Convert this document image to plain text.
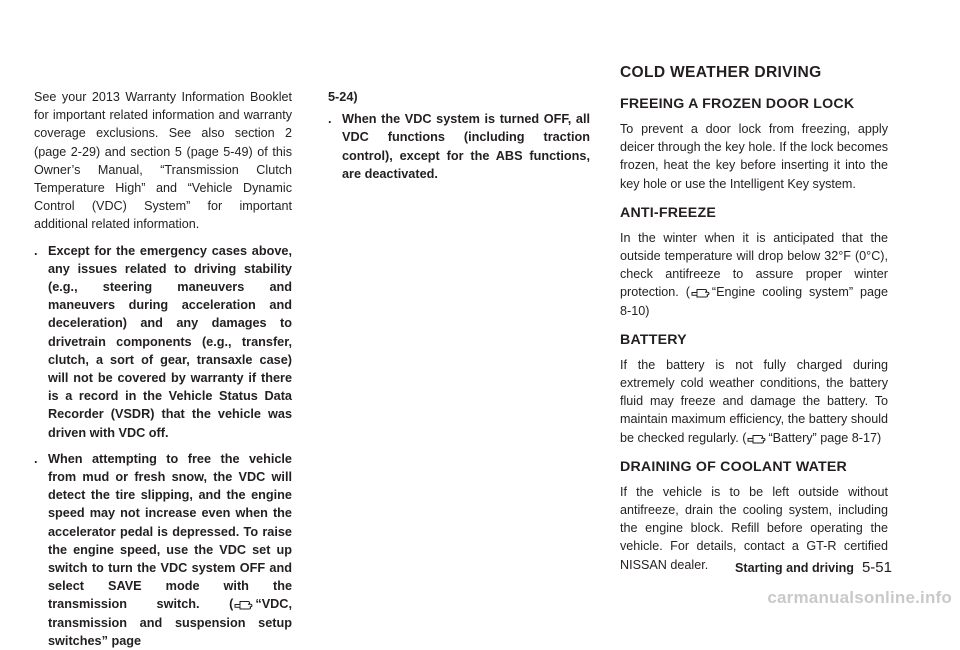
See your 2013 Warranty Information Booklet for important related information and warranty coverage exclusions. See also section 2 (page 2-29) and section 5 (page 5-49) of this Owner’s Manual, “Transmission Clutch Temperature High” and “Vehicle Dynamic Control (VDC) System” for important additional related information.

. Except for the emergency cases above, any issues related to driving stability (e.g., steering maneuvers and maneuvers during acceleration and deceleration) and any damages to drivetrain components (e.g., transfer, clutch, a sort of gear, transaxle case) will not be covered by warranty if there is a record in the Vehicle Status Data Recorder (VSDR) that the vehicle was driven with VDC off.
. When attempting to free the vehicle from mud or fresh snow, the VDC will detect the tire slipping, and the engine speed may not increase even when the accelerator pedal is depressed. To raise the engine speed, use the VDC set up switch to turn the VDC system OFF and select SAVE mode with the transmission switch. ( “VDC, transmission and suspension setup switches” page

5-24)

. When the VDC system is turned OFF, all VDC functions (including traction control), except for the ABS functions, are deactivated.
COLD WEATHER DRIVING
FREEING A FROZEN DOOR LOCK

To prevent a door lock from freezing, apply deicer through the key hole. If the lock becomes frozen, heat the key before inserting it into the key hole or use the Intelligent Key system.

ANTI-FREEZE

In the winter when it is anticipated that the outside temperature will drop below 32°F (0°C), check antifreeze to assure proper winter protection. ( “Engine cooling system” page 8-10)

BATTERY

If the battery is not fully charged during extremely cold weather conditions, the battery fluid may freeze and damage the battery. To maintain maximum efficiency, the battery should be checked regularly. ( “Battery” page 8-17)

DRAINING OF COOLANT WATER

If the vehicle is to be left outside without antifreeze, drain the cooling system, including the engine block. Refill before operating the vehicle. For details, contact a GT-R certified NISSAN dealer.	Starting and driving 5-51
carmanualsonline.info
